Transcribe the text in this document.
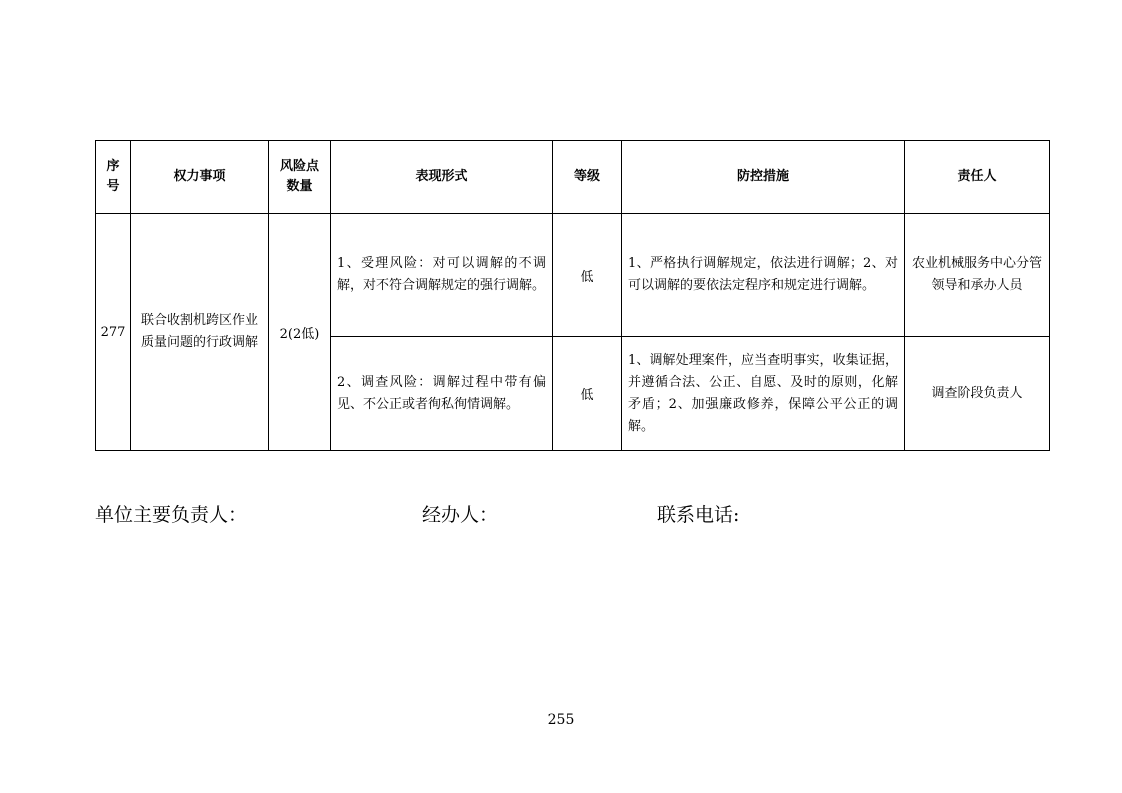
序号	权力事项	风险点数量	表现形式	等级	防控措施	责任人
277	联合收割机跨区作业质量问题的行政调解	2(2低)	1、受理风险：对可以调解的不调解，对不符合调解规定的强行调解。	低	1、严格执行调解规定，依法进行调解；2、对可以调解的要依法定程序和规定进行调解。	农业机械服务中心分管领导和承办人员

			2、调查风险：调解过程中带有偏见、不公正或者徇私徇情调解。	低	1、调解处理案件，应当查明事实，收集证据，并遵循合法、公正、自愿、及时的原则，化解矛盾；2、加强廉政修养，保障公平公正的调解。	调查阶段负责人
单位主要负责人：	经办人：	联系电话:
255
